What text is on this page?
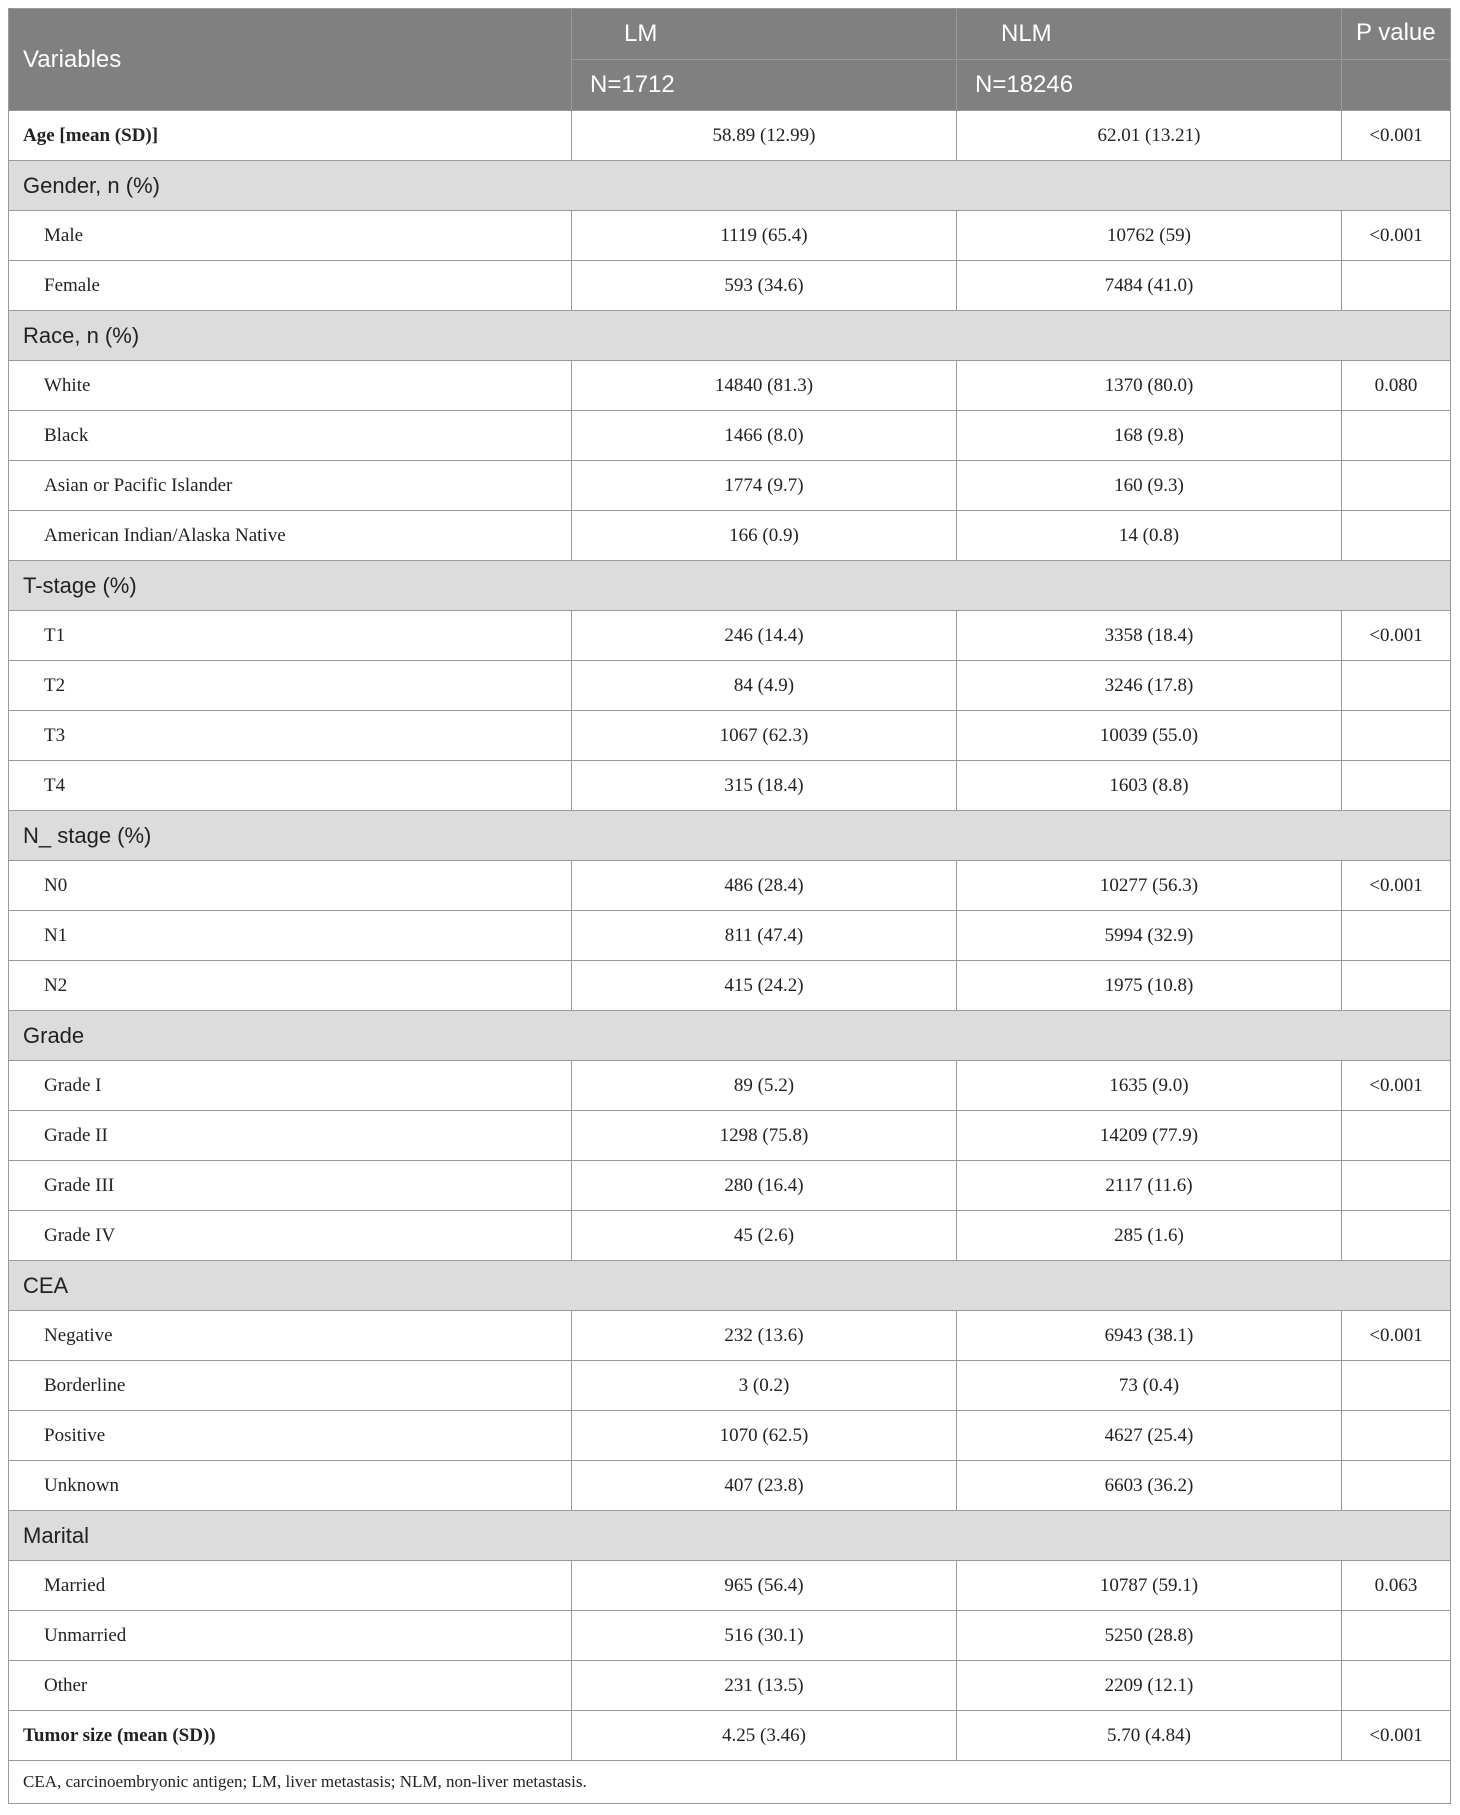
Variables	LM	NLM	P value
	N=1712	N=18246	
Age [mean (SD)]	58.89 (12.99)	62.01 (13.21)	<0.001
Gender, n (%)			
Male	1119 (65.4)	10762 (59)	<0.001
Female	593 (34.6)	7484 (41.0)	
Race, n (%)			
White	14840 (81.3)	1370 (80.0)	0.080
Black	1466 (8.0)	168 (9.8)	
Asian or Pacific Islander	1774 (9.7)	160 (9.3)	
American Indian/Alaska Native	166 (0.9)	14 (0.8)	
T-stage (%)			
T1	246 (14.4)	3358 (18.4)	<0.001
T2	84 (4.9)	3246 (17.8)	
T3	1067 (62.3)	10039 (55.0)	
T4	315 (18.4)	1603 (8.8)	
N_ stage (%)			
N0	486 (28.4)	10277 (56.3)	<0.001
N1	811 (47.4)	5994 (32.9)	
N2	415 (24.2)	1975 (10.8)	
Grade			
Grade I	89 (5.2)	1635 (9.0)	<0.001
Grade II	1298 (75.8)	14209 (77.9)	
Grade III	280 (16.4)	2117 (11.6)	
Grade IV	45 (2.6)	285 (1.6)	
CEA			
Negative	232 (13.6)	6943 (38.1)	<0.001
Borderline	3 (0.2)	73 (0.4)	
Positive	1070 (62.5)	4627 (25.4)	
Unknown	407 (23.8)	6603 (36.2)	
Marital			
Married	965 (56.4)	10787 (59.1)	0.063
Unmarried	516 (30.1)	5250 (28.8)	
Other	231 (13.5)	2209 (12.1)	
Tumor size (mean (SD))	4.25 (3.46)	5.70 (4.84)	<0.001
CEA, carcinoembryonic antigen; LM, liver metastasis; NLM, non-liver metastasis.			
